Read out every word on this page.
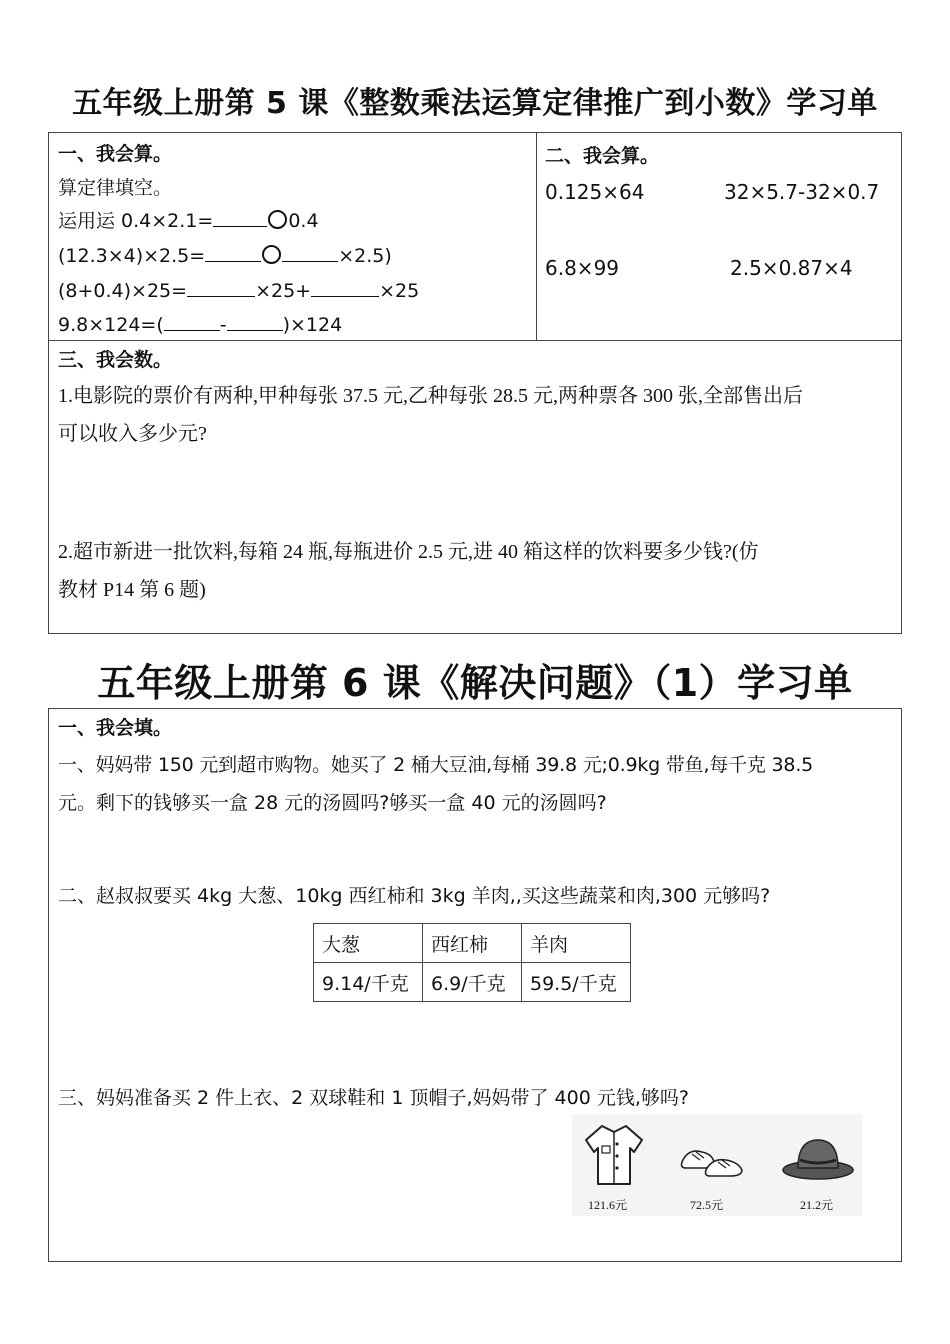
五年级上册第 5 课《整数乘法运算定律推广到小数》学习单
一、我会算。
算定律填空。
运用运 0.4×2.1=	0.4
(12.3×4)×2.5=	×2.5)
(8+0.4)×25=	×25+	×25
9.8×124=(	-	)×124
二、我会算。
0.125×64	32×5.7-32×0.7
6.8×99	2.5×0.87×4
三、我会数。
1.电影院的票价有两种,甲种每张 37.5 元,乙种每张 28.5 元,两种票各 300 张,全部售出后
可以收入多少元?
2.超市新进一批饮料,每箱 24 瓶,每瓶进价 2.5 元,进 40 箱这样的饮料要多少钱?(仿
教材 P14 第 6 题)
五年级上册第 6 课《解决问题》（1）学习单
一、我会填。
一、妈妈带 150 元到超市购物。她买了 2 桶大豆油,每桶 39.8 元;0.9kg 带鱼,每千克 38.5
元。剩下的钱够买一盒 28 元的汤圆吗?够买一盒 40 元的汤圆吗?
二、赵叔叔要买 4kg 大葱、10kg 西红柿和 3kg 羊肉,,买这些蔬菜和肉,300 元够吗?
大葱	西红柿	羊肉
9.14/千克	6.9/千克	59.5/千克
三、妈妈准备买 2 件上衣、2 双球鞋和 1 顶帽子,妈妈带了 400 元钱,够吗?
121.6元	72.5元	21.2元
